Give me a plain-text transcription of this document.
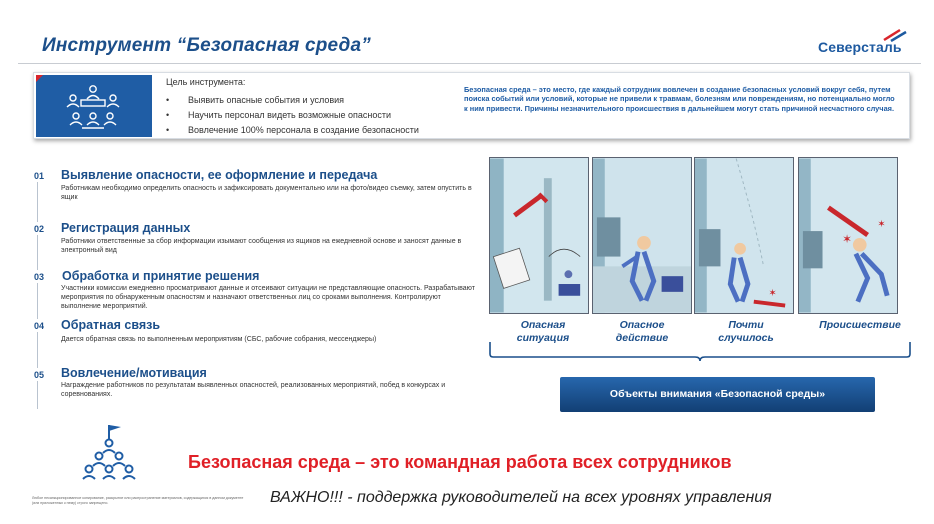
Инструмент “Безопасная среда”	Северсталь
Цель инструмента:
• Выявить опасные события и условия
• Научить персонал видеть возможные опасности
• Вовлечение 100% персонала в создание безопасности
Безопасная среда – это место, где каждый сотрудник вовлечен в создание безопасных условий вокруг себя, путем поиска событий или условий, которые не привели к травмам, болезням или повреждениям, но потенциально могло к ним привести. Причины незначительного происшествия в дальнейшем могут стать причиной несчастного случая.
01 Выявление опасности, ее оформление и передача
Работникам необходимо определить опасность и зафиксировать документально или на фото/видео съемку, затем опустить в ящик
02 Регистрация данных
Работники ответственные за сбор информации изымают сообщения из ящиков на ежедневной основе и заносят данные в электронный вид
03 Обработка и принятие решения
Участники комиссии ежедневно просматривают данные и отсеивают ситуации не представляющие опасность. Разрабатывают мероприятия по обнаруженным опасностям и назначают ответственных лиц со сроками выполнения. Контролируют выполнение мероприятий.
04 Обратная связь
Дается обратная связь по выполненным мероприятиям (СБС, рабочие собрания, мессенджеры)
05 Вовлечение/мотивация
Награждение работников по результатам выявленных опасностей, реализованных мероприятий, побед в конкурсах и соревнованиях.
✶
✶
✶
Опасная ситуация
Опасное действие
Почти случилось
Происшествие
Объекты внимания «Безопасной среды»
Безопасная среда – это командная работа всех сотрудников
ВАЖНО!!! - поддержка руководителей на всех уровнях управления
Любое несанкционированное копирование, раскрытие или распространение материалов, содержащихся в данном документе (или приложенных к нему) строго запрещено.
